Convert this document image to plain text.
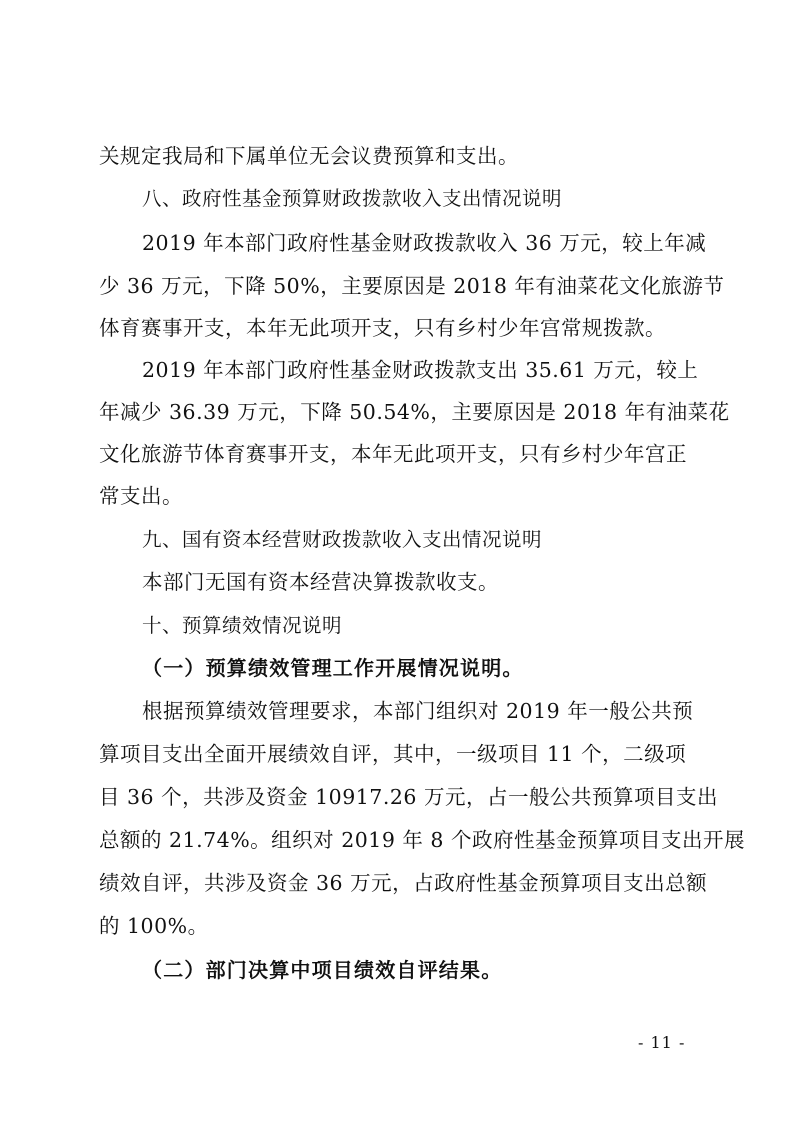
关规定我局和下属单位无会议费预算和支出。
八、政府性基金预算财政拨款收入支出情况说明
2019 年本部门政府性基金财政拨款收入 36 万元，较上年减
少 36 万元，下降 50%，主要原因是 2018 年有油菜花文化旅游节
体育赛事开支，本年无此项开支，只有乡村少年宫常规拨款。
2019 年本部门政府性基金财政拨款支出 35.61 万元，较上
年减少 36.39 万元，下降 50.54%，主要原因是 2018 年有油菜花
文化旅游节体育赛事开支，本年无此项开支，只有乡村少年宫正
常支出。
九、国有资本经营财政拨款收入支出情况说明
本部门无国有资本经营决算拨款收支。
十、预算绩效情况说明
（一）预算绩效管理工作开展情况说明。
根据预算绩效管理要求，本部门组织对 2019 年一般公共预
算项目支出全面开展绩效自评，其中，一级项目 11 个，二级项
目 36 个，共涉及资金 10917.26 万元，占一般公共预算项目支出
总额的 21.74%。组织对 2019 年 8 个政府性基金预算项目支出开展
绩效自评，共涉及资金 36 万元，占政府性基金预算项目支出总额
的 100%。
（二）部门决算中项目绩效自评结果。
- 11 -
